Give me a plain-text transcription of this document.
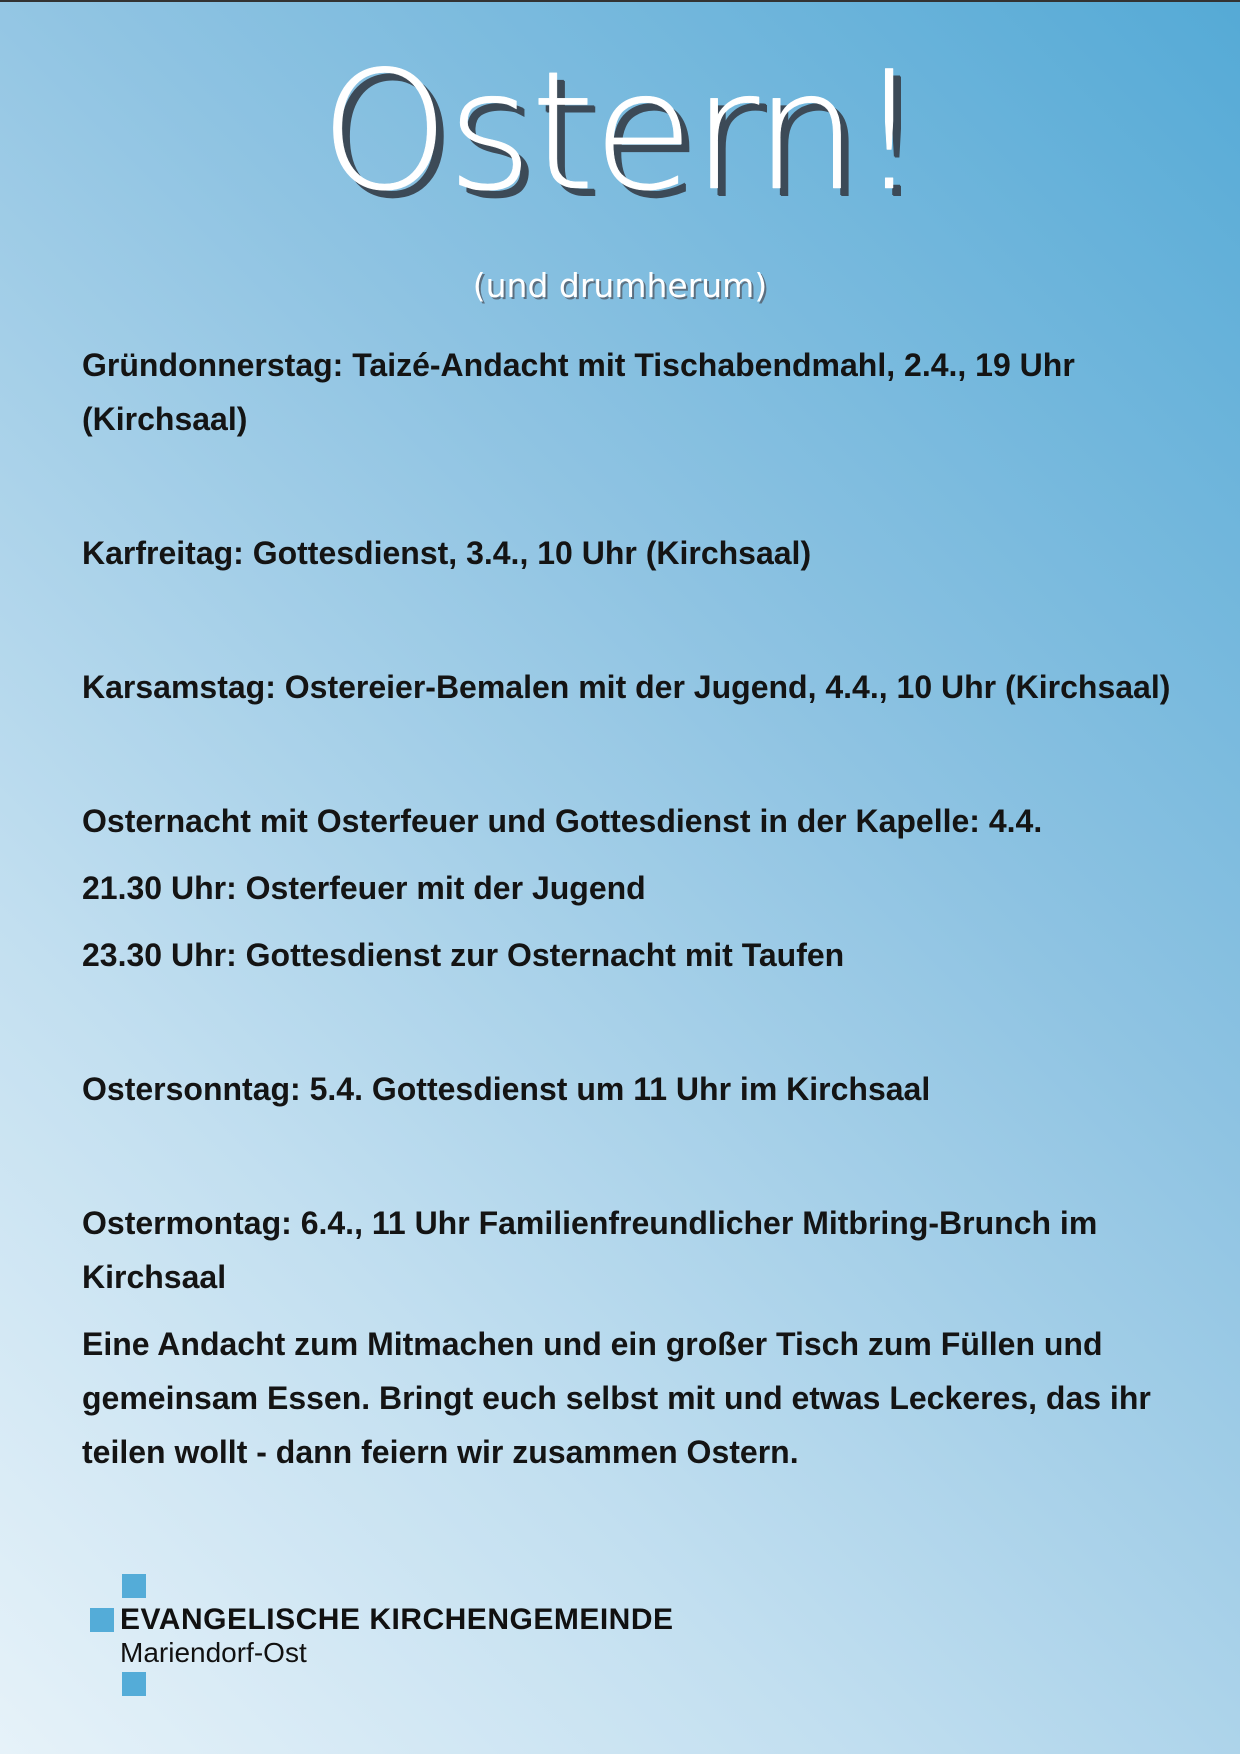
Ostern!
(und drumherum)

Gründonnerstag: Taizé-Andacht mit Tischabendmahl, 2.4., 19 Uhr (Kirchsaal)

Karfreitag: Gottesdienst, 3.4., 10 Uhr (Kirchsaal)

Karsamstag: Ostereier-Bemalen mit der Jugend, 4.4., 10 Uhr (Kirchsaal)

Osternacht mit Osterfeuer und Gottesdienst in der Kapelle: 4.4.

21.30 Uhr: Osterfeuer mit der Jugend

23.30 Uhr: Gottesdienst zur Osternacht mit Taufen

Ostersonntag: 5.4. Gottesdienst um 11 Uhr im Kirchsaal

Ostermontag: 6.4., 11 Uhr Familienfreundlicher Mitbring-Brunch im Kirchsaal

Eine Andacht zum Mitmachen und ein großer Tisch zum Füllen und gemeinsam Essen. Bringt euch selbst mit und etwas Leckeres, das ihr teilen wollt - dann feiern wir zusammen Ostern.

EVANGELISCHE KIRCHENGEMEINDE
Mariendorf-Ost
